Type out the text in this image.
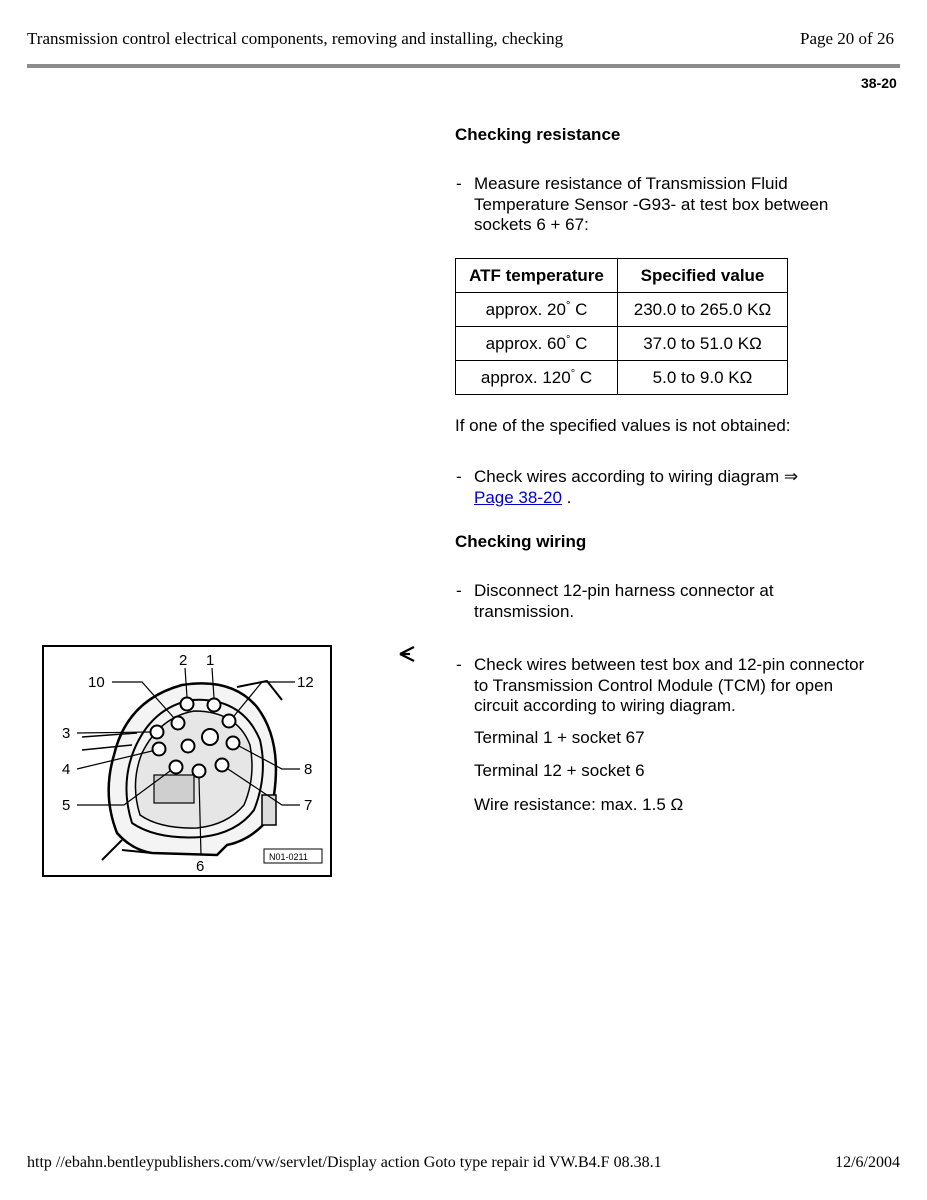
Transmission control electrical components, removing and installing, checking	Page 20 of 26
38-20
Checking resistance
- Measure resistance of Transmission Fluid Temperature Sensor -G93- at test box between sockets 6 + 67:
ATF temperature	Specified value
approx. 20° C	230.0 to 265.0 KΩ
approx. 60° C	37.0 to 51.0 KΩ
approx. 120° C	5.0 to 9.0 KΩ
If one of the specified values is not obtained:
- Check wires according to wiring diagram ⇒
Page 38-20 .
Checking wiring
- Disconnect 12-pin harness connector at transmission.
- Check wires between test box and 12-pin connector to Transmission Control Module (TCM) for open circuit according to wiring diagram.
Terminal 1 + socket 67
Terminal 12 + socket 6
Wire resistance: max. 1.5 Ω
2 1
10	12
3
4	8
5	7
6
N01-0211
http //ebahn.bentleypublishers.com/vw/servlet/Display action Goto type repair id VW.B4.F 08.38.1	12/6/2004
